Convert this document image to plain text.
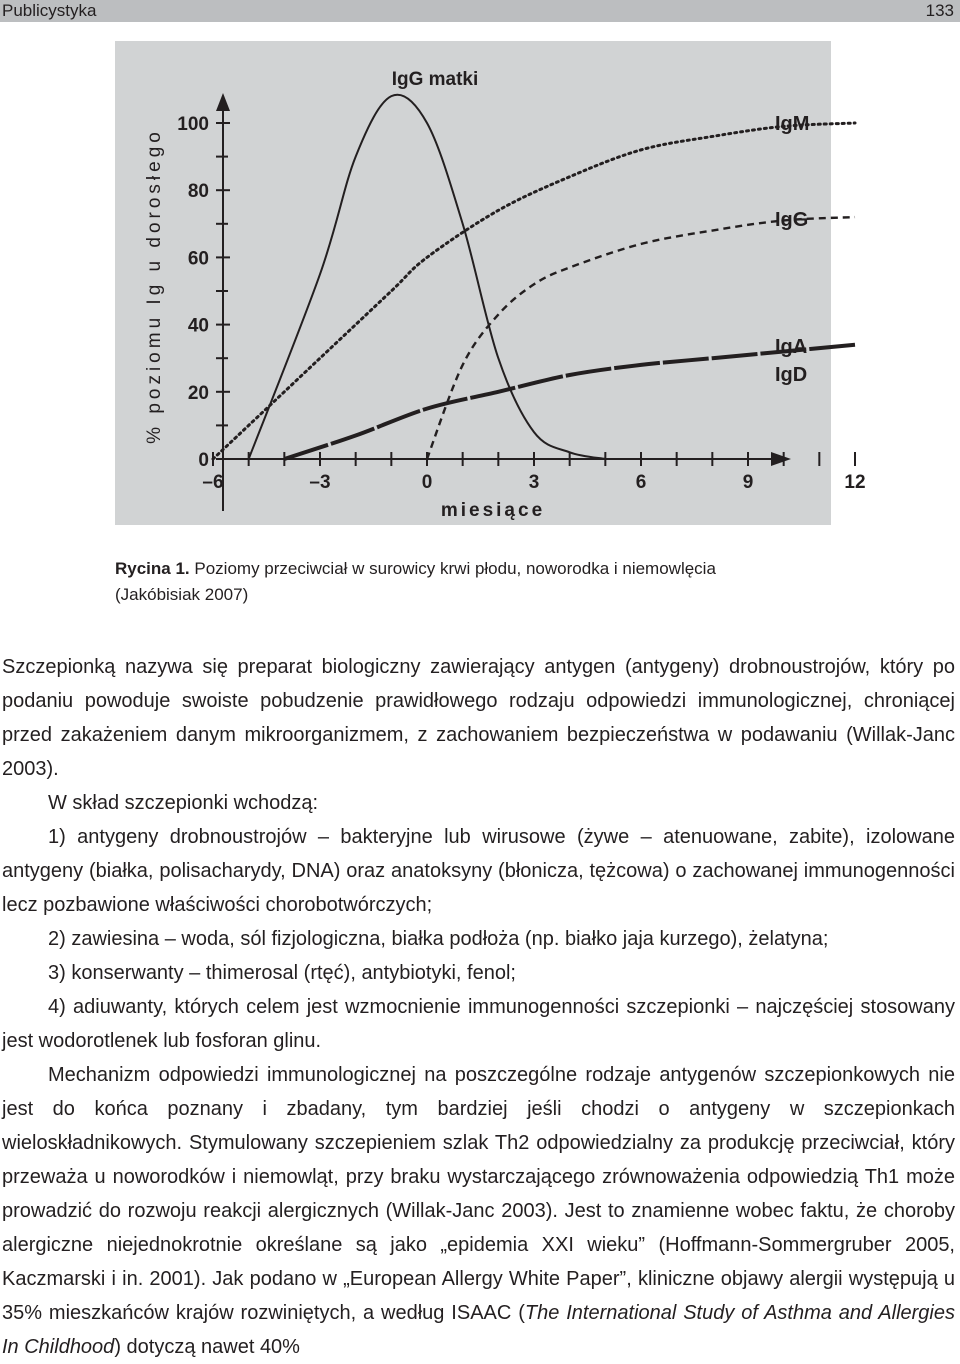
Publicystyka	133
% poziomu Ig u dorosłego
IgG matki
miesiące
IgM
IgG
IgA
IgD
0
20
40
60
80
100
–6	–3	0	3	6	9	12
Rycina 1. Poziomy przeciwciał w surowicy krwi płodu, noworodka i niemowlęcia
(Jakóbisiak 2007)

Szczepionką nazywa się preparat biologiczny zawierający antygen (antygeny) drobnoustrojów, który po podaniu powoduje swoiste pobudzenie prawidłowego rodzaju odpowiedzi immunologicznej, chroniącej przed zakażeniem danym mikroorganizmem, z zachowaniem bezpieczeństwa w podawaniu (Willak-Janc 2003).

W skład szczepionki wchodzą:

1) antygeny drobnoustrojów – bakteryjne lub wirusowe (żywe – atenuowane, zabite), izolowane antygeny (białka, polisacharydy, DNA) oraz anatoksyny (błonicza, tężcowa) o zachowanej immunogenności lecz pozbawione właściwości chorobotwórczych;

2) zawiesina – woda, sól fizjologiczna, białka podłoża (np. białko jaja kurzego), żelatyna;

3) konserwanty – thimerosal (rtęć), antybiotyki, fenol;

4) adiuwanty, których celem jest wzmocnienie immunogenności szczepionki – najczęściej stosowany jest wodorotlenek lub fosforan glinu.

Mechanizm odpowiedzi immunologicznej na poszczególne rodzaje antygenów szczepionkowych nie jest do końca poznany i zbadany, tym bardziej jeśli chodzi o antygeny w szczepionkach wieloskładnikowych. Stymulowany szczepieniem szlak Th2 odpowiedzialny za produkcję przeciwciał, który przeważa u noworodków i niemowląt, przy braku wystarczającego zrównoważenia odpowiedzią Th1 może prowadzić do rozwoju reakcji alergicznych (Willak-Janc 2003). Jest to znamienne wobec faktu, że choroby alergiczne niejednokrotnie określane są jako „epidemia XXI wieku” (Hoffmann-Sommergruber 2005, Kaczmarski i in. 2001). Jak podano w „European Allergy White Paper”, kliniczne objawy alergii występują u 35% mieszkańców krajów rozwiniętych, a według ISAAC (The International Study of Asthma and Allergies In Childhood) dotyczą nawet 40%
